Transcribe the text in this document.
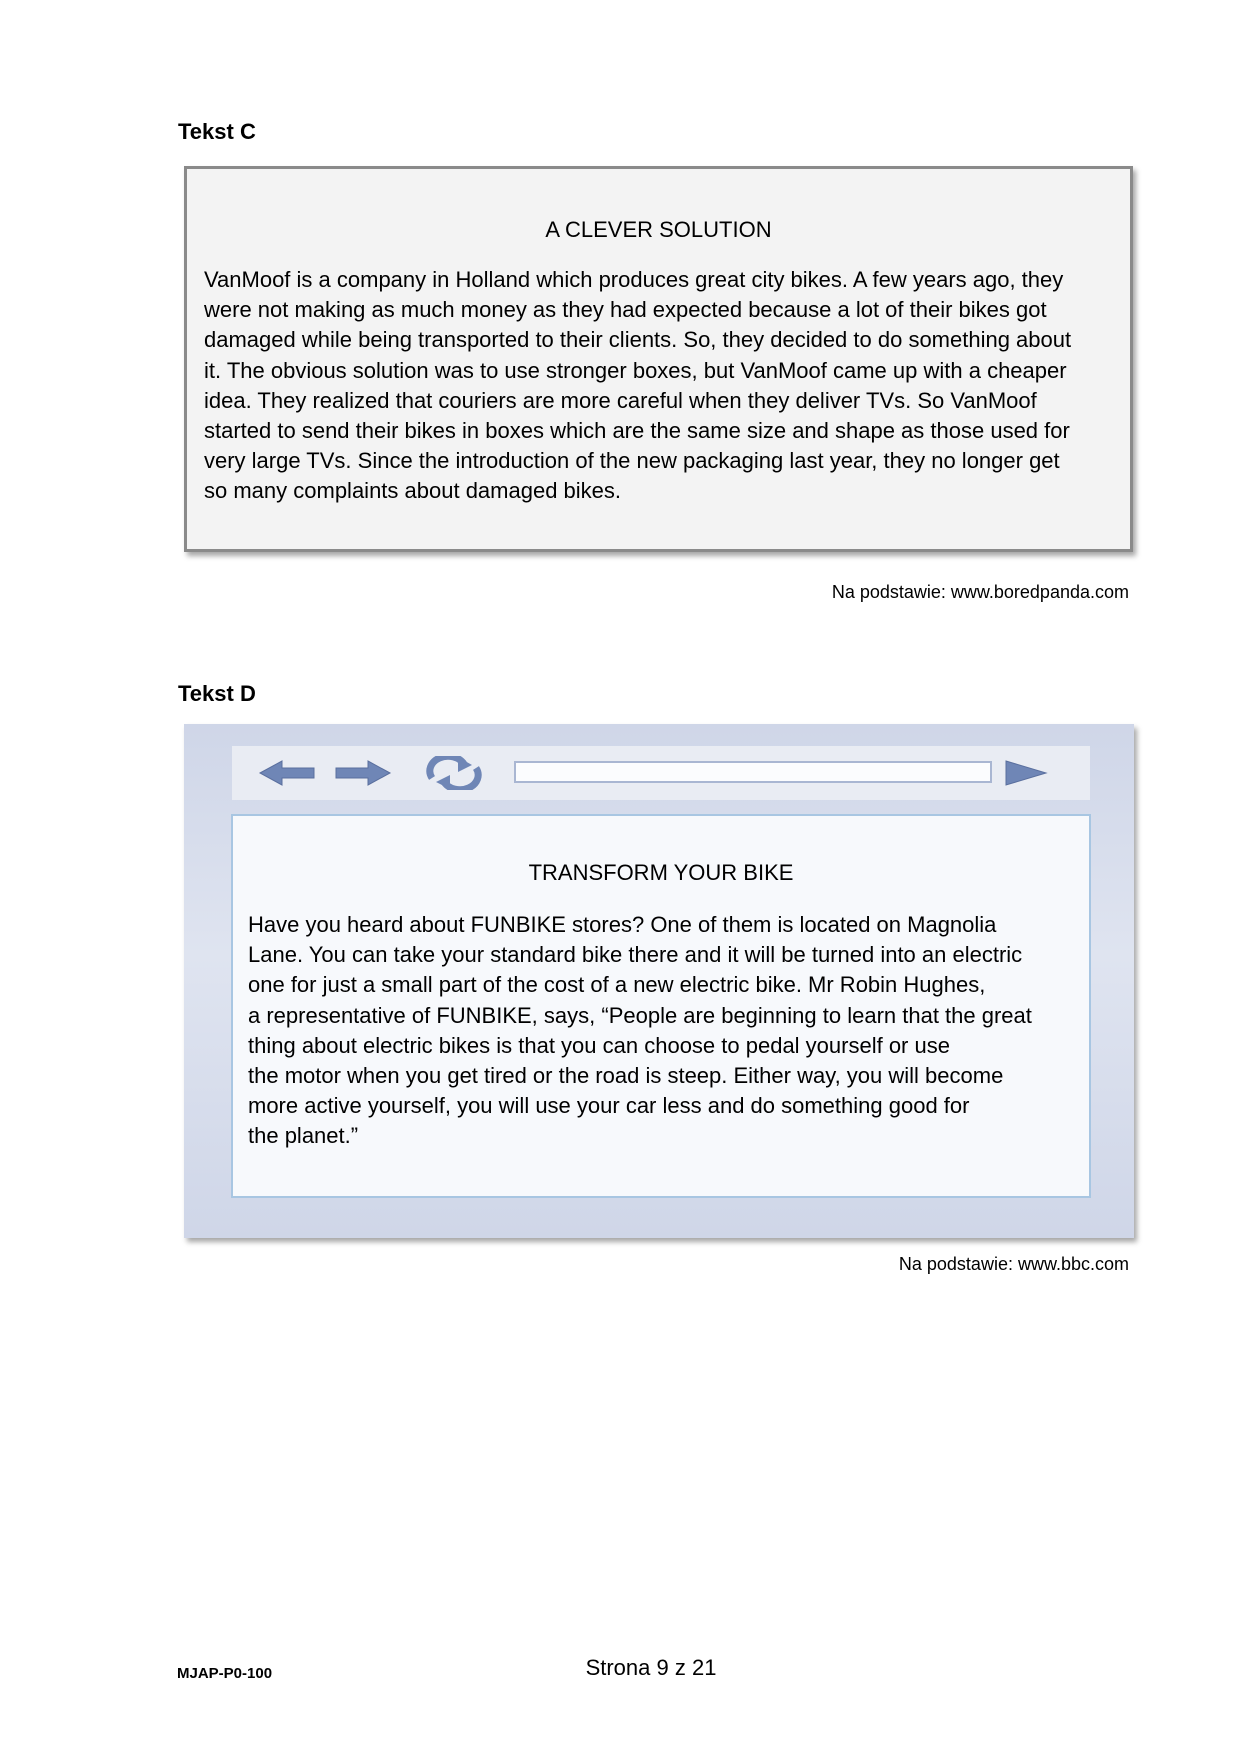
Tekst C

A CLEVER SOLUTION

VanMoof is a company in Holland which produces great city bikes. A few years ago, they
were not making as much money as they had expected because a lot of their bikes got
damaged while being transported to their clients. So, they decided to do something about
it. The obvious solution was to use stronger boxes, but VanMoof came up with a cheaper
idea. They realized that couriers are more careful when they deliver TVs. So VanMoof
started to send their bikes in boxes which are the same size and shape as those used for
very large TVs. Since the introduction of the new packaging last year, they no longer get
so many complaints about damaged bikes.

Na podstawie: www.boredpanda.com
Tekst D

TRANSFORM YOUR BIKE

Have you heard about FUNBIKE stores? One of them is located on Magnolia
Lane. You can take your standard bike there and it will be turned into an electric
one for just a small part of the cost of a new electric bike. Mr Robin Hughes,
a representative of FUNBIKE, says, “People are beginning to learn that the great
thing about electric bikes is that you can choose to pedal yourself or use
the motor when you get tired or the road is steep. Either way, you will become
more active yourself, you will use your car less and do something good for
the planet.”

Na podstawie: www.bbc.com
MJAP-P0-100	Strona 9 z 21
